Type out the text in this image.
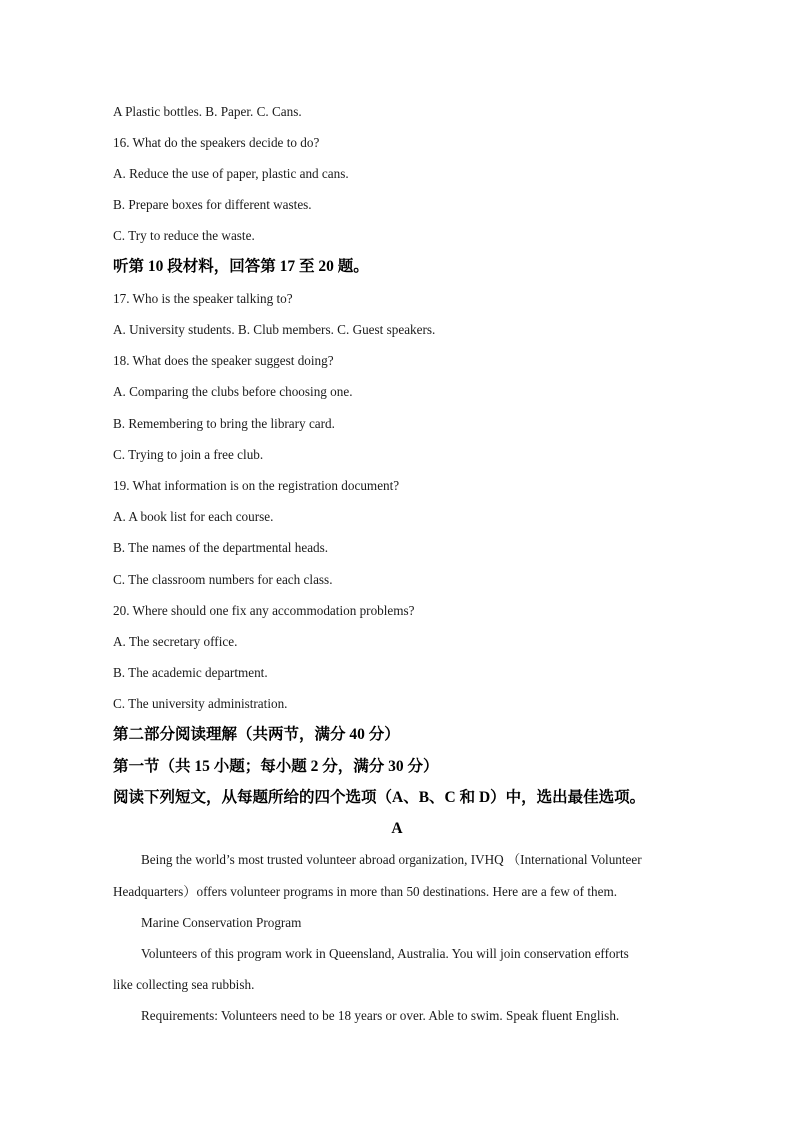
A Plastic bottles. B. Paper. C. Cans.
16. What do the speakers decide to do?
A. Reduce the use of paper, plastic and cans.
B. Prepare boxes for different wastes.
C. Try to reduce the waste.
听第 10 段材料，回答第 17 至 20 题。
17. Who is the speaker talking to?
A. University students. B. Club members. C. Guest speakers.
18. What does the speaker suggest doing?
A. Comparing the clubs before choosing one.
B. Remembering to bring the library card.
C. Trying to join a free club.
19. What information is on the registration document?
A. A book list for each course.
B. The names of the departmental heads.
C. The classroom numbers for each class.
20. Where should one fix any accommodation problems?
A. The secretary office.
B. The academic department.
C. The university administration.
第二部分阅读理解（共两节，满分 40 分）
第一节（共 15 小题；每小题 2 分，满分 30 分）
阅读下列短文，从每题所给的四个选项（A、B、C 和 D）中，选出最佳选项。
A
Being the world’s most trusted volunteer abroad organization, IVHQ （International Volunteer
Headquarters）offers volunteer programs in more than 50 destinations. Here are a few of them.
Marine Conservation Program
Volunteers of this program work in Queensland, Australia. You will join conservation efforts
like collecting sea rubbish.
Requirements: Volunteers need to be 18 years or over. Able to swim. Speak fluent English.
